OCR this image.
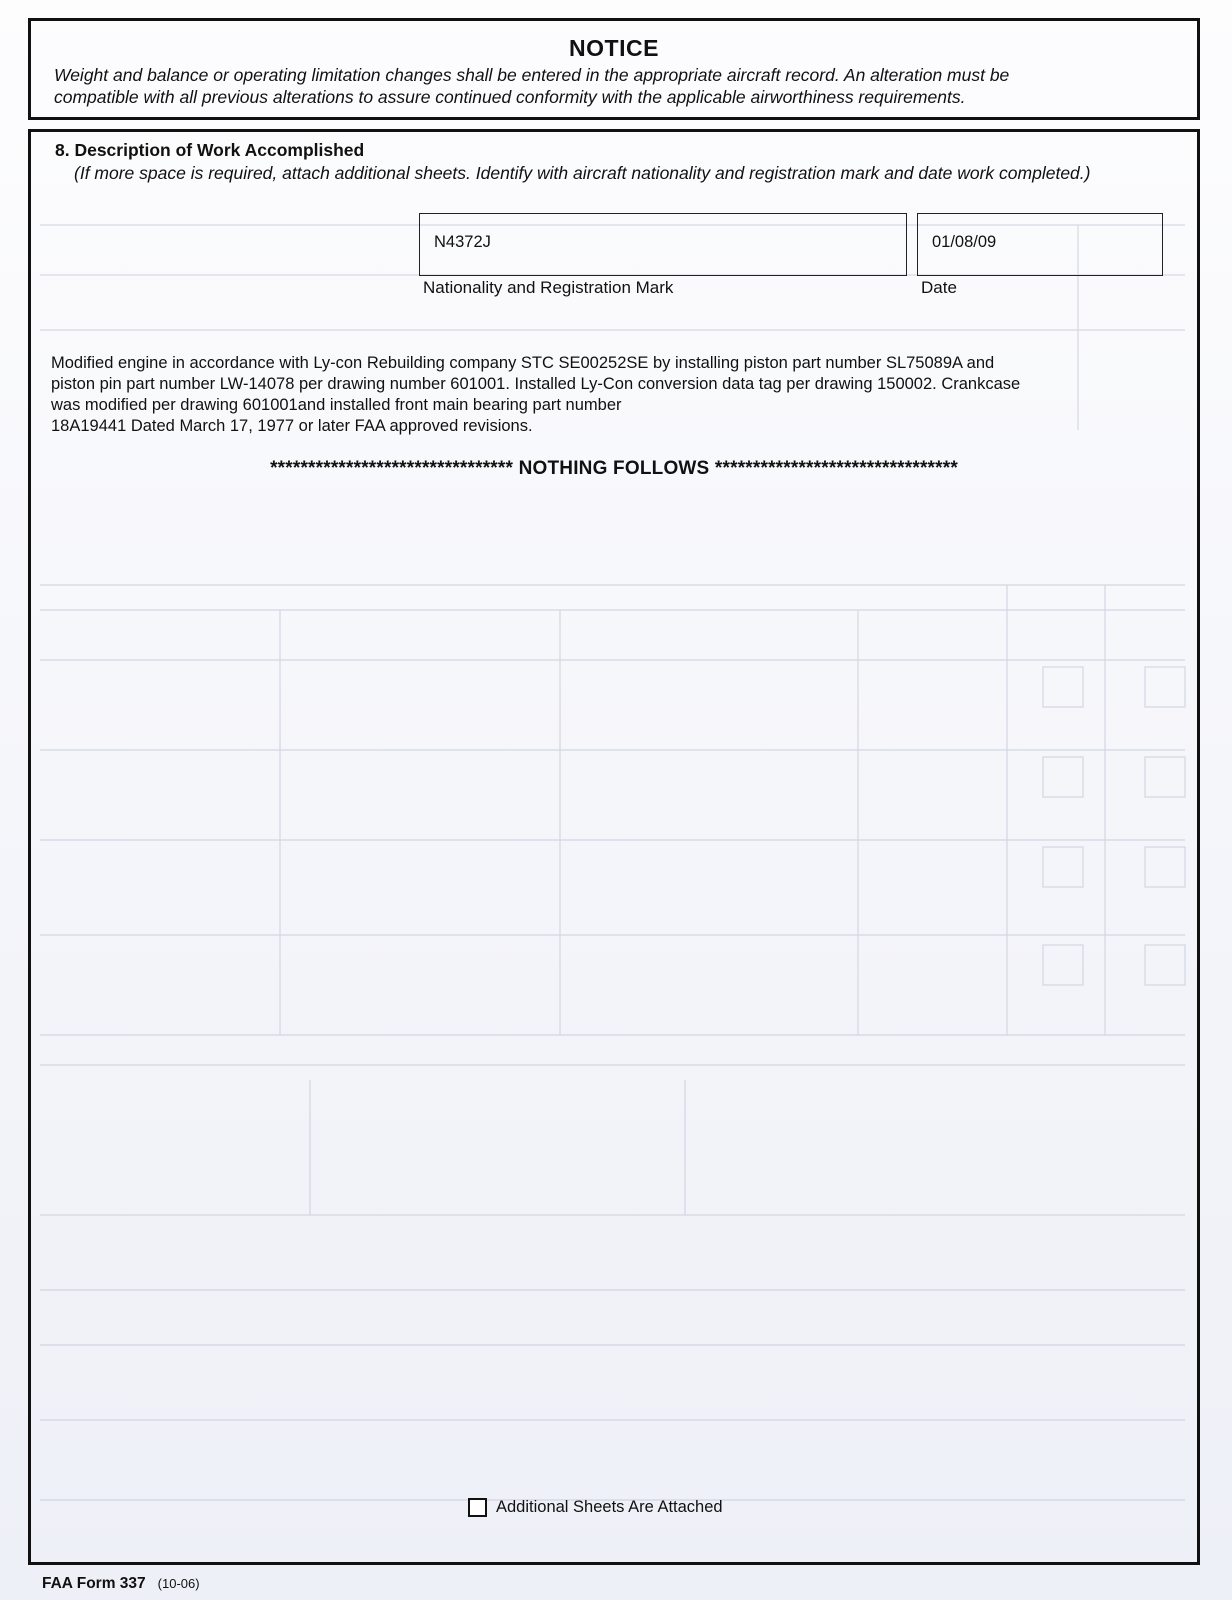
NOTICE
Weight and balance or operating limitation changes shall be entered in the appropriate aircraft record. An alteration must be
compatible with all previous alterations to assure continued conformity with the applicable airworthiness requirements.
8. Description of Work Accomplished
(If more space is required, attach additional sheets. Identify with aircraft nationality and registration mark and date work completed.)
N4372J
Nationality and Registration Mark
01/08/09
Date
Modified engine in accordance with Ly-con Rebuilding company STC SE00252SE by installing piston part number SL75089A and
piston pin part number LW-14078 per drawing number 601001. Installed Ly-Con conversion data tag per drawing 150002. Crankcase
was modified per drawing 601001and installed front main bearing part number
18A19441 Dated March 17, 1977 or later FAA approved revisions.
******************************** NOTHING FOLLOWS ********************************
Additional Sheets Are Attached
FAA Form 337 (10-06)
